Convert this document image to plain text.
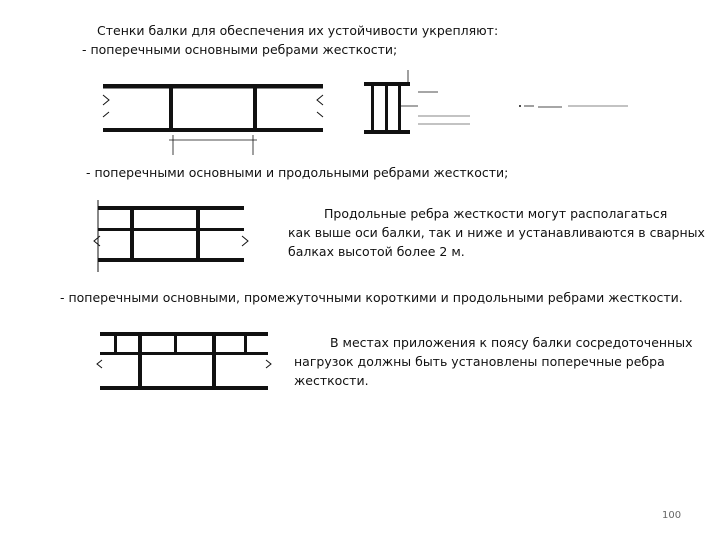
Стенки балки для обеспечения их устойчивости укрепляют:
- поперечными основными ребрами жесткости;
- поперечными основными и продольными ребрами жесткости;
Продольные ребра жесткости могут располагаться
как выше оси балки, так и ниже и устанавливаются в сварных
балках высотой более 2 м.
- поперечными основными, промежуточными короткими и продольными ребрами жесткости.
В местах приложения к поясу балки сосредоточенных
нагрузок должны быть установлены поперечные ребра
жесткости.
100
